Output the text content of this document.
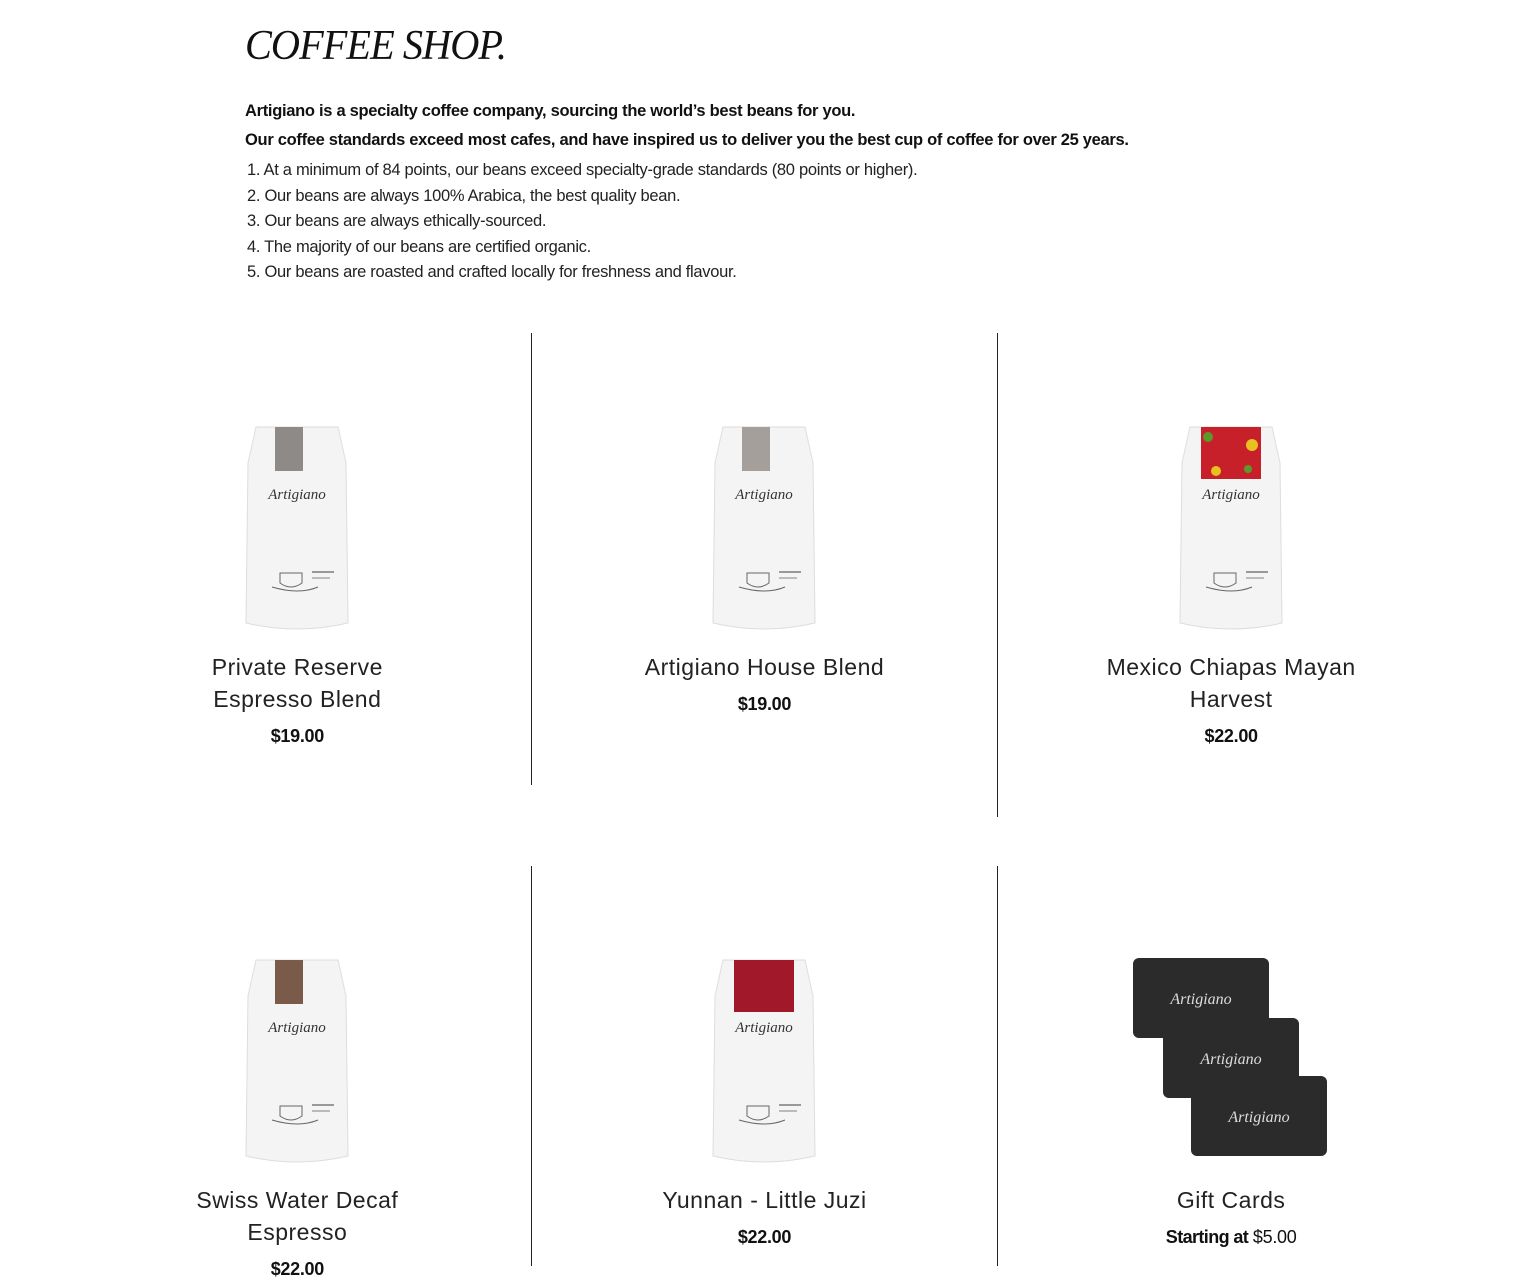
COFFEE SHOP.

Artigiano is a specialty coffee company, sourcing the world’s best beans for you.

Our coffee standards exceed most cafes, and have inspired us to deliver you the best cup of coffee for over 25 years.

1. At a minimum of 84 points, our beans exceed specialty-grade standards (80 points or higher).
2. Our beans are always 100% Arabica, the best quality bean.
3. Our beans are always ethically-sourced.
4. The majority of our beans are certified organic.
5. Our beans are roasted and crafted locally for freshness and flavour.
Artigiano
Private Reserve Espresso Blend

$19.00

Artigiano
Artigiano House Blend

$19.00

Artigiano
Mexico Chiapas Mayan Harvest

$22.00

Artigiano
Swiss Water Decaf Espresso

$22.00

Artigiano
Yunnan - Little Juzi

$22.00

Artigiano
Artigiano
Artigiano
Gift Cards

Starting at $5.00
